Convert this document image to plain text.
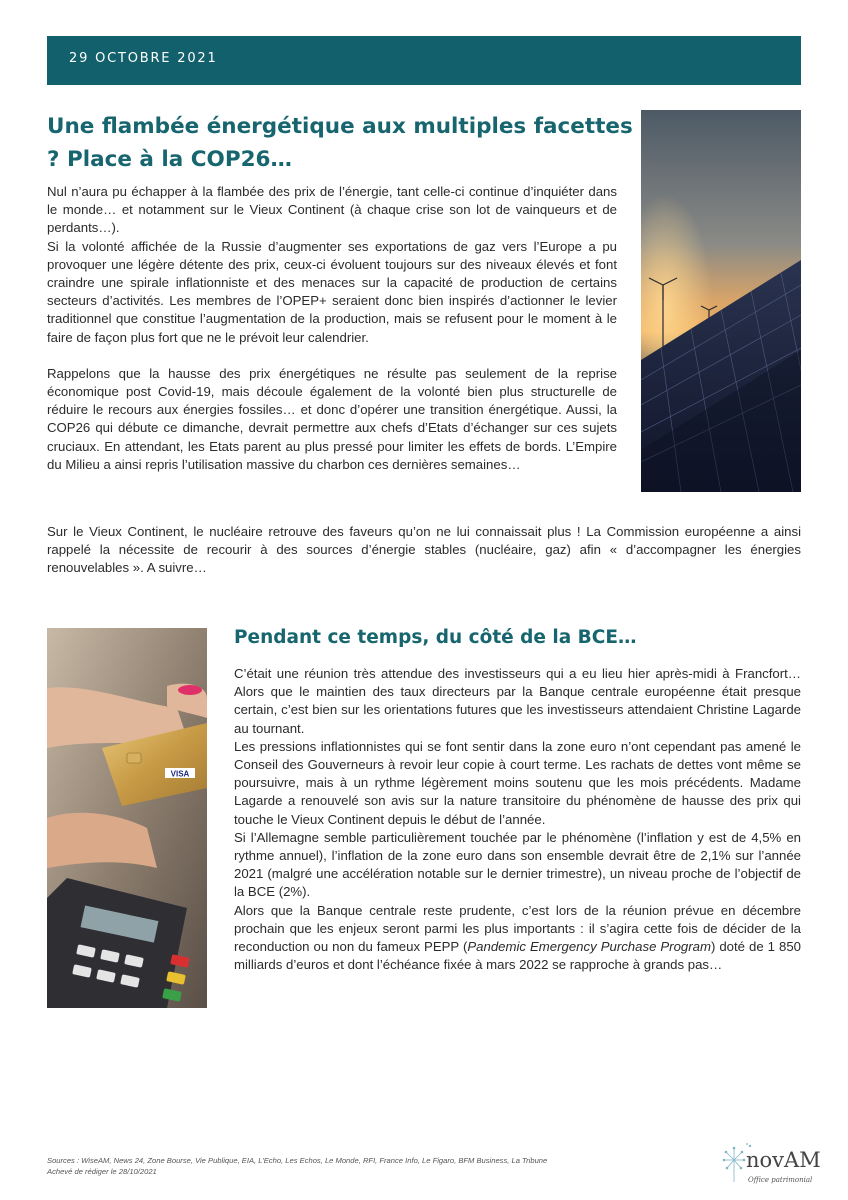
29 OCTOBRE 2021
Une flambée énergétique aux multiples facettes ? Place à la COP26…

Nul n’aura pu échapper à la flambée des prix de l’énergie, tant celle-ci continue d’inquiéter dans le monde… et notamment sur le Vieux Continent (à chaque crise son lot de vainqueurs et de perdants…).

Si la volonté affichée de la Russie d’augmenter ses exportations de gaz vers l’Europe a pu provoquer une légère détente des prix, ceux-ci évoluent toujours sur des niveaux élevés et font craindre une spirale inflationniste et des menaces sur la capacité de production de certains secteurs d’activités. Les membres de l’OPEP+ seraient donc bien inspirés d’actionner le levier traditionnel que constitue l’augmentation de la production, mais se refusent pour le moment à le faire de façon plus fort que ne le prévoit leur calendrier.

Rappelons que la hausse des prix énergétiques ne résulte pas seulement de la reprise économique post Covid-19, mais découle également de la volonté bien plus structurelle de réduire le recours aux énergies fossiles… et donc d’opérer une transition énergétique. Aussi, la COP26 qui débute ce dimanche, devrait permettre aux chefs d’Etats d’échanger sur ces sujets cruciaux. En attendant, les Etats parent au plus pressé pour limiter les effets de bords. L’Empire du Milieu a ainsi repris l’utilisation massive du charbon ces dernières semaines…

Sur le Vieux Continent, le nucléaire retrouve des faveurs qu’on ne lui connaissait plus ! La Commission européenne a ainsi rappelé la nécessite de recourir à des sources d’énergie stables (nucléaire, gaz) afin « d’accompagner les énergies renouvelables ». A suivre…

VISA
Pendant ce temps, du côté de la BCE…

C’était une réunion très attendue des investisseurs qui a eu lieu hier après-midi à Francfort… Alors que le maintien des taux directeurs par la Banque centrale européenne était presque certain, c’est bien sur les orientations futures que les investisseurs attendaient Christine Lagarde au tournant.

Les pressions inflationnistes qui se font sentir dans la zone euro n’ont cependant pas amené le Conseil des Gouverneurs à revoir leur copie à court terme. Les rachats de dettes vont même se poursuivre, mais à un rythme légèrement moins soutenu que les mois précédents. Madame Lagarde a renouvelé son avis sur la nature transitoire du phénomène de hausse des prix qui touche le Vieux Continent depuis le début de l’année.

Si l’Allemagne semble particulièrement touchée par le phénomène (l’inflation y est de 4,5% en rythme annuel), l’inflation de la zone euro dans son ensemble devrait être de 2,1% sur l’année 2021 (malgré une accélération notable sur le dernier trimestre), un niveau proche de l’objectif de la BCE (2%).

Alors que la Banque centrale reste prudente, c’est lors de la réunion prévue en décembre prochain que les enjeux seront parmi les plus importants : il s’agira cette fois de décider de la reconduction ou non du fameux PEPP (Pandemic Emergency Purchase Program) doté de 1 850 milliards d’euros et dont l’échéance fixée à mars 2022 se rapproche à grands pas…

Sources : WiseAM, News 24, Zone Bourse, Vie Publique, EIA, L’Echo, Les Echos, Le Monde, RFI, France Info, Le Figaro, BFM Business, La Tribune
Achevé de rédiger le 28/10/2021	novAM
Office patrimonial
